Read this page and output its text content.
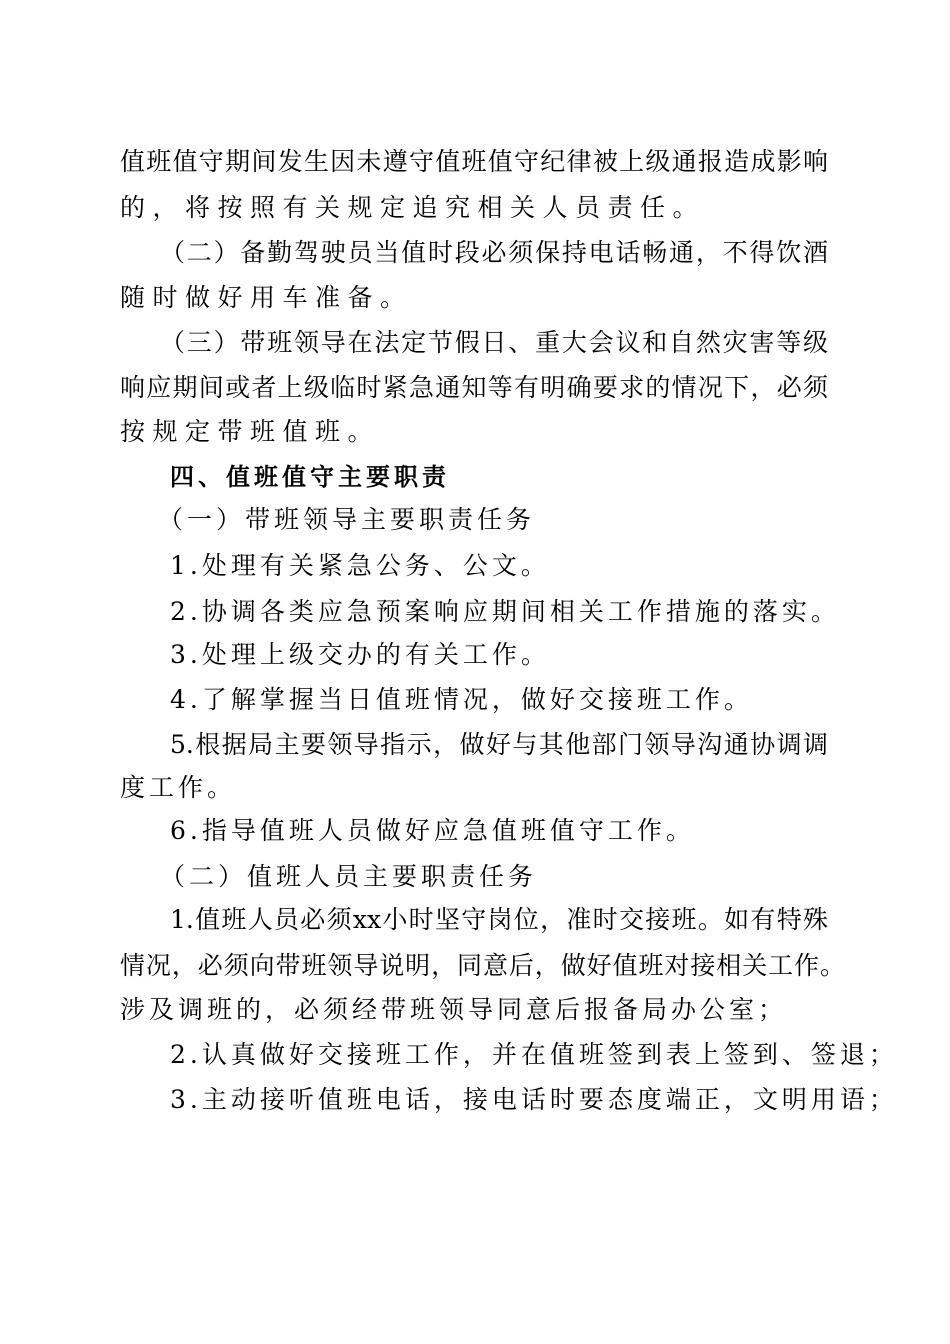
值班值守期间发生因未遵守值班值守纪律被上级通报造成影响
的，将按照有关规定追究相关人员责任。
（二）备勤驾驶员当值时段必须保持电话畅通，不得饮酒
随时做好用车准备。
（三）带班领导在法定节假日、重大会议和自然灾害等级
响应期间或者上级临时紧急通知等有明确要求的情况下，必须
按规定带班值班。
四、值班值守主要职责
（一）带班领导主要职责任务
1.处理有关紧急公务、公文。
2.协调各类应急预案响应期间相关工作措施的落实。
3.处理上级交办的有关工作。
4.了解掌握当日值班情况，做好交接班工作。
5.根据局主要领导指示，做好与其他部门领导沟通协调调
度工作。
6.指导值班人员做好应急值班值守工作。
（二）值班人员主要职责任务
1.值班人员必须xx小时坚守岗位，准时交接班。如有特殊
情况，必须向带班领导说明，同意后，做好值班对接相关工作。
涉及调班的，必须经带班领导同意后报备局办公室；
2.认真做好交接班工作，并在值班签到表上签到、签退；
3.主动接听值班电话，接电话时要态度端正，文明用语；
